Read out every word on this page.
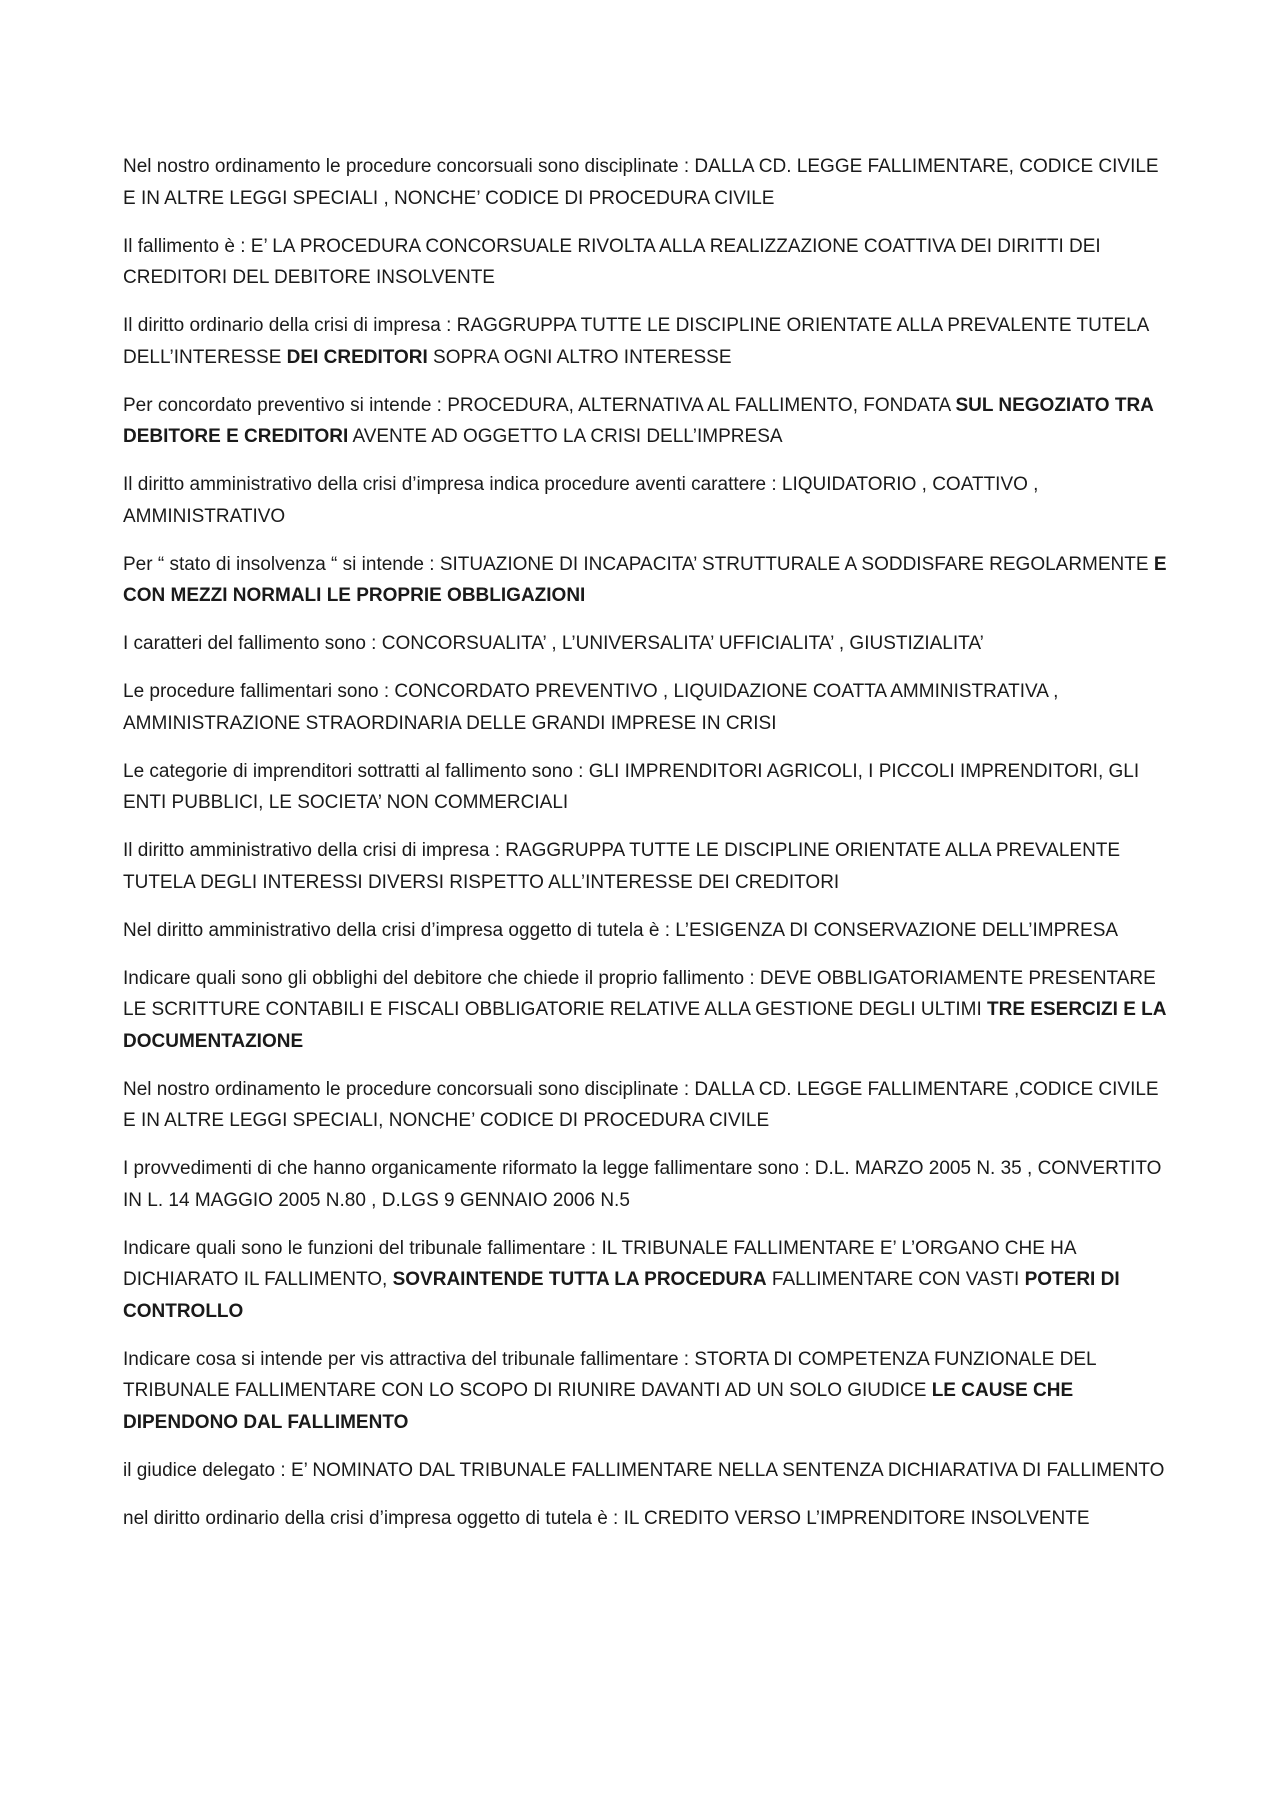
Nel nostro ordinamento le procedure concorsuali sono disciplinate : DALLA CD. LEGGE FALLIMENTARE, CODICE CIVILE E IN ALTRE LEGGI SPECIALI , NONCHE’ CODICE DI PROCEDURA CIVILE

Il fallimento è : E’ LA PROCEDURA CONCORSUALE RIVOLTA ALLA REALIZZAZIONE COATTIVA DEI DIRITTI DEI CREDITORI DEL DEBITORE INSOLVENTE

Il diritto ordinario della crisi di impresa : RAGGRUPPA TUTTE LE DISCIPLINE ORIENTATE ALLA PREVALENTE TUTELA DELL’INTERESSE DEI CREDITORI SOPRA OGNI ALTRO INTERESSE

Per concordato preventivo si intende : PROCEDURA, ALTERNATIVA AL FALLIMENTO, FONDATA SUL NEGOZIATO TRA DEBITORE E CREDITORI AVENTE AD OGGETTO LA CRISI DELL’IMPRESA

Il diritto amministrativo della crisi d’impresa indica procedure aventi carattere : LIQUIDATORIO , COATTIVO , AMMINISTRATIVO

Per “ stato di insolvenza “ si intende : SITUAZIONE DI INCAPACITA’ STRUTTURALE A SODDISFARE REGOLARMENTE E CON MEZZI NORMALI LE PROPRIE OBBLIGAZIONI

I caratteri del fallimento sono : CONCORSUALITA’ , L’UNIVERSALITA’ UFFICIALITA’ , GIUSTIZIALITA’

Le procedure fallimentari sono : CONCORDATO PREVENTIVO , LIQUIDAZIONE COATTA AMMINISTRATIVA , AMMINISTRAZIONE STRAORDINARIA DELLE GRANDI IMPRESE IN CRISI

Le categorie di imprenditori sottratti al fallimento sono : GLI IMPRENDITORI AGRICOLI, I PICCOLI IMPRENDITORI, GLI ENTI PUBBLICI, LE SOCIETA’ NON COMMERCIALI

Il diritto amministrativo della crisi di impresa : RAGGRUPPA TUTTE LE DISCIPLINE ORIENTATE ALLA PREVALENTE TUTELA DEGLI INTERESSI DIVERSI RISPETTO ALL’INTERESSE DEI CREDITORI

Nel diritto amministrativo della crisi d’impresa oggetto di tutela è : L’ESIGENZA DI CONSERVAZIONE DELL’IMPRESA

Indicare quali sono gli obblighi del debitore che chiede il proprio fallimento : DEVE OBBLIGATORIAMENTE PRESENTARE LE SCRITTURE CONTABILI E FISCALI OBBLIGATORIE RELATIVE ALLA GESTIONE DEGLI ULTIMI TRE ESERCIZI E LA DOCUMENTAZIONE

Nel nostro ordinamento le procedure concorsuali sono disciplinate : DALLA CD. LEGGE FALLIMENTARE ,CODICE CIVILE E IN ALTRE LEGGI SPECIALI, NONCHE’ CODICE DI PROCEDURA CIVILE

I provvedimenti di che hanno organicamente riformato la legge fallimentare sono : D.L. MARZO 2005 N. 35 , CONVERTITO IN L. 14 MAGGIO 2005 N.80 , D.LGS 9 GENNAIO 2006 N.5

Indicare quali sono le funzioni del tribunale fallimentare : IL TRIBUNALE FALLIMENTARE E’ L’ORGANO CHE HA DICHIARATO IL FALLIMENTO, SOVRAINTENDE TUTTA LA PROCEDURA FALLIMENTARE CON VASTI POTERI DI CONTROLLO

Indicare cosa si intende per vis attractiva del tribunale fallimentare : STORTA DI COMPETENZA FUNZIONALE DEL TRIBUNALE FALLIMENTARE CON LO SCOPO DI RIUNIRE DAVANTI AD UN SOLO GIUDICE LE CAUSE CHE DIPENDONO DAL FALLIMENTO

il giudice delegato : E’ NOMINATO DAL TRIBUNALE FALLIMENTARE NELLA SENTENZA DICHIARATIVA DI FALLIMENTO

nel diritto ordinario della crisi d’impresa oggetto di tutela è : IL CREDITO VERSO L’IMPRENDITORE INSOLVENTE
